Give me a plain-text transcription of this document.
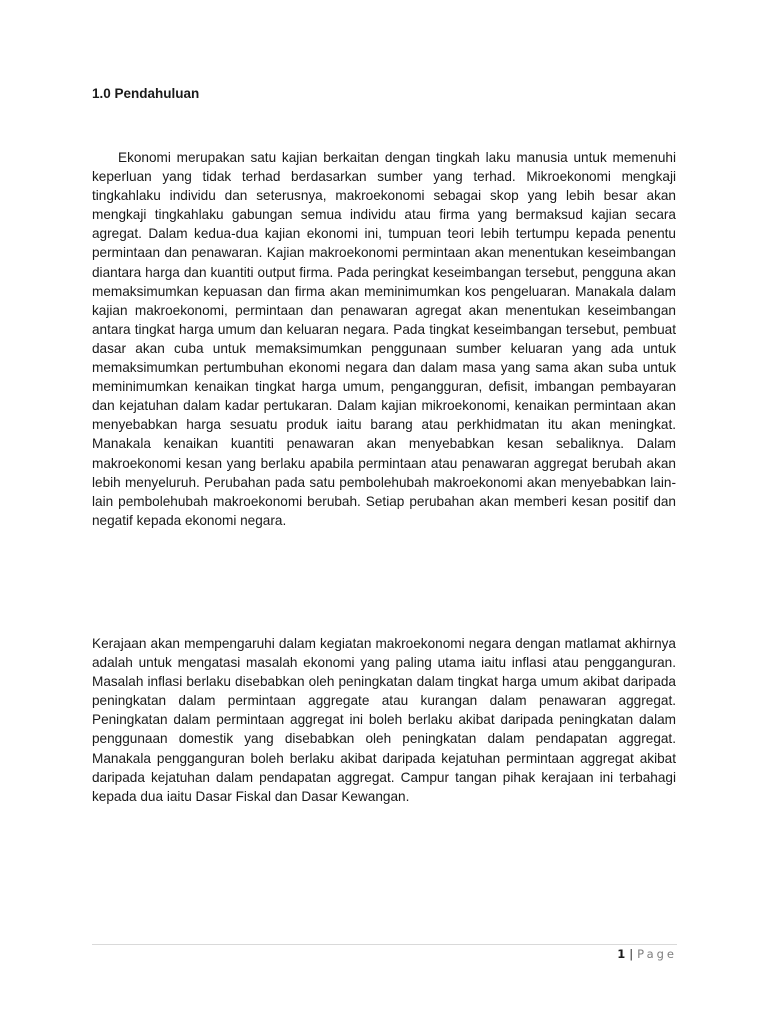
1.0 Pendahuluan

Ekonomi merupakan satu kajian berkaitan dengan tingkah laku manusia untuk memenuhi keperluan yang tidak terhad berdasarkan sumber yang terhad. Mikroekonomi mengkaji tingkahlaku individu dan seterusnya, makroekonomi sebagai skop yang lebih besar akan mengkaji tingkahlaku gabungan semua individu atau firma yang bermaksud kajian secara agregat. Dalam kedua-dua kajian ekonomi ini, tumpuan teori lebih tertumpu kepada penentu permintaan dan penawaran. Kajian makroekonomi permintaan akan menentukan keseimbangan diantara harga dan kuantiti output firma. Pada peringkat keseimbangan tersebut, pengguna akan memaksimumkan kepuasan dan firma akan meminimumkan kos pengeluaran. Manakala dalam kajian makroekonomi, permintaan dan penawaran agregat akan menentukan keseimbangan antara tingkat harga umum dan keluaran negara. Pada tingkat keseimbangan tersebut, pembuat dasar akan cuba untuk memaksimumkan penggunaan sumber keluaran yang ada untuk memaksimumkan pertumbuhan ekonomi negara dan dalam masa yang sama akan suba untuk meminimumkan kenaikan tingkat harga umum, pengangguran, defisit, imbangan pembayaran dan kejatuhan dalam kadar pertukaran. Dalam kajian mikroekonomi, kenaikan permintaan akan menyebabkan harga sesuatu produk iaitu barang atau perkhidmatan itu akan meningkat. Manakala kenaikan kuantiti penawaran akan menyebabkan kesan sebaliknya. Dalam makroekonomi kesan yang berlaku apabila permintaan atau penawaran aggregat berubah akan lebih menyeluruh. Perubahan pada satu pembolehubah makroekonomi akan menyebabkan lain-lain pembolehubah makroekonomi berubah. Setiap perubahan akan memberi kesan positif dan negatif kepada ekonomi negara.

Kerajaan akan mempengaruhi dalam kegiatan makroekonomi negara dengan matlamat akhirnya adalah untuk mengatasi masalah ekonomi yang paling utama iaitu inflasi atau pengganguran. Masalah inflasi berlaku disebabkan oleh peningkatan dalam tingkat harga umum akibat daripada peningkatan dalam permintaan aggregate atau kurangan dalam penawaran aggregat. Peningkatan dalam permintaan aggregat ini boleh berlaku akibat daripada peningkatan dalam penggunaan domestik yang disebabkan oleh peningkatan dalam pendapatan aggregat. Manakala pengganguran boleh berlaku akibat daripada kejatuhan permintaan aggregat akibat daripada kejatuhan dalam pendapatan aggregat. Campur tangan pihak kerajaan ini terbahagi kepada dua iaitu Dasar Fiskal dan Dasar Kewangan.

1 | Page
